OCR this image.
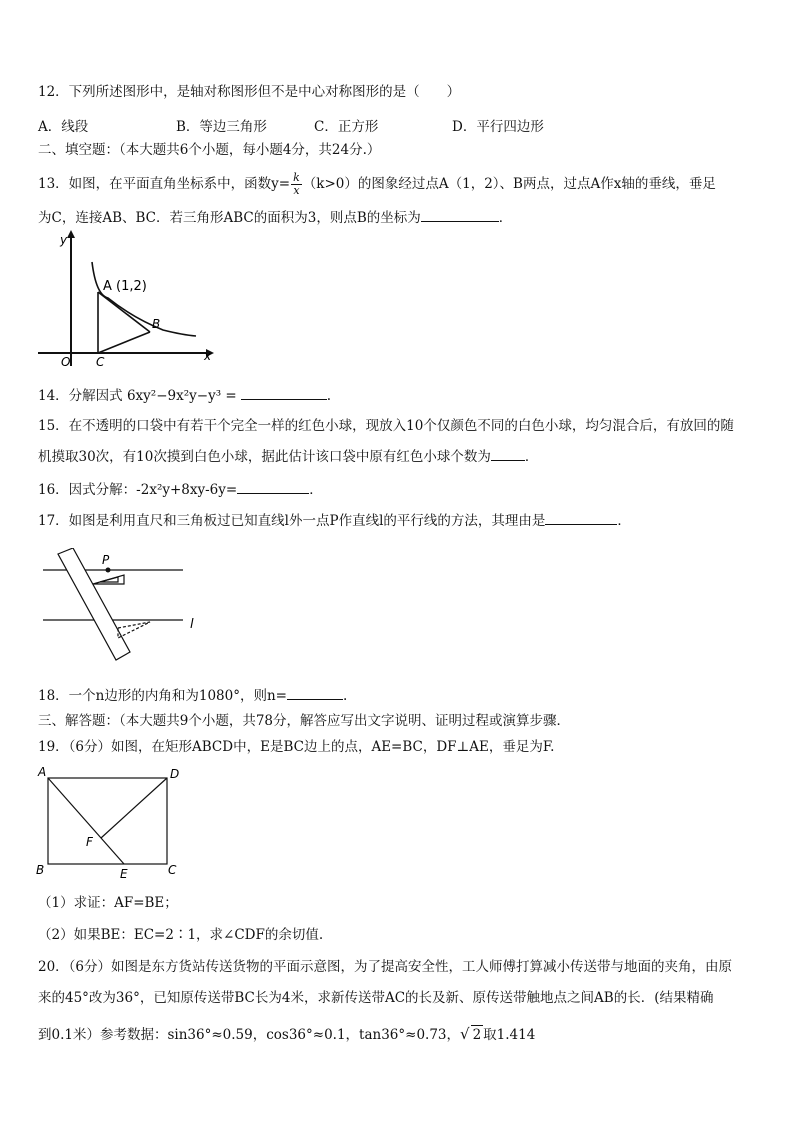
12．下列所述图形中，是轴对称图形但不是中心对称图形的是（　　）
A．线段	B．等边三角形	C．正方形	D．平行四边形
二、填空题：（本大题共6个小题，每小题4分，共24分.）
13．如图，在平面直角坐标系中，函数$y= \frac{k}{x} (k>0)$的图象经过点A（1，2）、B两点，过点A作x轴的垂线，垂足
为C，连接AB、BC．若三角形ABC的面积为3，则点B的坐标为	．
y
x
O C
A (1,2)
B
14．分解因式 6xy²−9x²y−y³ =	.
15．在不透明的口袋中有若干个完全一样的红色小球，现放入10个仅颜色不同的白色小球，均匀混合后，有放回的随
机摸取30次，有10次摸到白色小球，据此估计该口袋中原有红色小球个数为	．
16．因式分解：-2x²y+8xy-6y=	．
17．如图是利用直尺和三角板过已知直线l外一点P作直线l的平行线的方法，其理由是	．
P
l
18．一个n边形的内角和为1080°，则n=	.
三、解答题：（本大题共9个小题，共78分，解答应写出文字说明、证明过程或演算步骤．
19．（6分）如图，在矩形ABCD中，E是BC边上的点，AE=BC，DF⊥AE，垂足为F.
A	D
B	C
E
F
（1）求证：AF=BE；
（2）如果BE：EC=2∶1，求∠CDF的余切值.
20．（6分）如图是东方货站传送货物的平面示意图，为了提高安全性，工人师傅打算减小传送带与地面的夹角，由原
来的45°改为36°，已知原传送带BC长为4米，求新传送带AC的长及新、原传送带触地点之间AB的长．(结果精确
到0.1米）参考数据：sin36°≈0.59，cos36°≈0.1，tan36°≈0.73，√ 2 取1.414
